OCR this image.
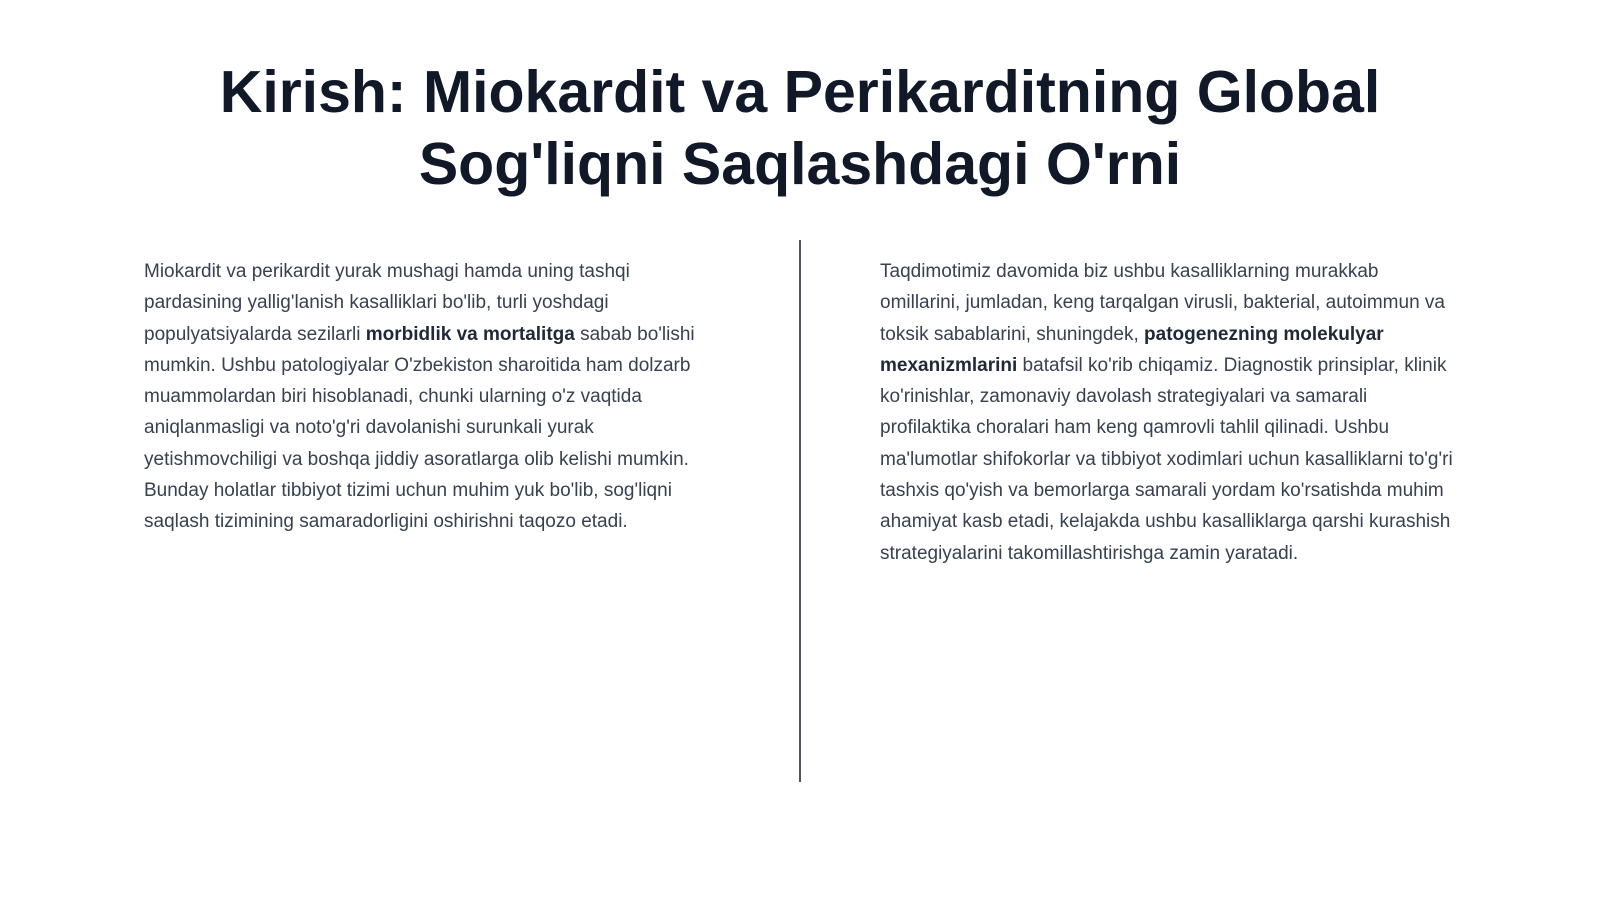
Kirish: Miokardit va Perikarditning Global Sog'liqni Saqlashdagi O'rni

Miokardit va perikardit yurak mushagi hamda uning tashqi pardasining yallig'lanish kasalliklari bo'lib, turli yoshdagi populyatsiyalarda sezilarli morbidlik va mortalitga sabab bo'lishi mumkin. Ushbu patologiyalar O'zbekiston sharoitida ham dolzarb muammolardan biri hisoblanadi, chunki ularning o'z vaqtida aniqlanmasligi va noto'g'ri davolanishi surunkali yurak yetishmovchiligi va boshqa jiddiy asoratlarga olib kelishi mumkin. Bunday holatlar tibbiyot tizimi uchun muhim yuk bo'lib, sog'liqni saqlash tizimining samaradorligini oshirishni taqozo etadi.

Taqdimotimiz davomida biz ushbu kasalliklarning murakkab omillarini, jumladan, keng tarqalgan virusli, bakterial, autoimmun va toksik sabablarini, shuningdek, patogenezning molekulyar mexanizmlarini batafsil ko'rib chiqamiz. Diagnostik prinsiplar, klinik ko'rinishlar, zamonaviy davolash strategiyalari va samarali profilaktika choralari ham keng qamrovli tahlil qilinadi. Ushbu ma'lumotlar shifokorlar va tibbiyot xodimlari uchun kasalliklarni to'g'ri tashxis qo'yish va bemorlarga samarali yordam ko'rsatishda muhim ahamiyat kasb etadi, kelajakda ushbu kasalliklarga qarshi kurashish strategiyalarini takomillashtirishga zamin yaratadi.
